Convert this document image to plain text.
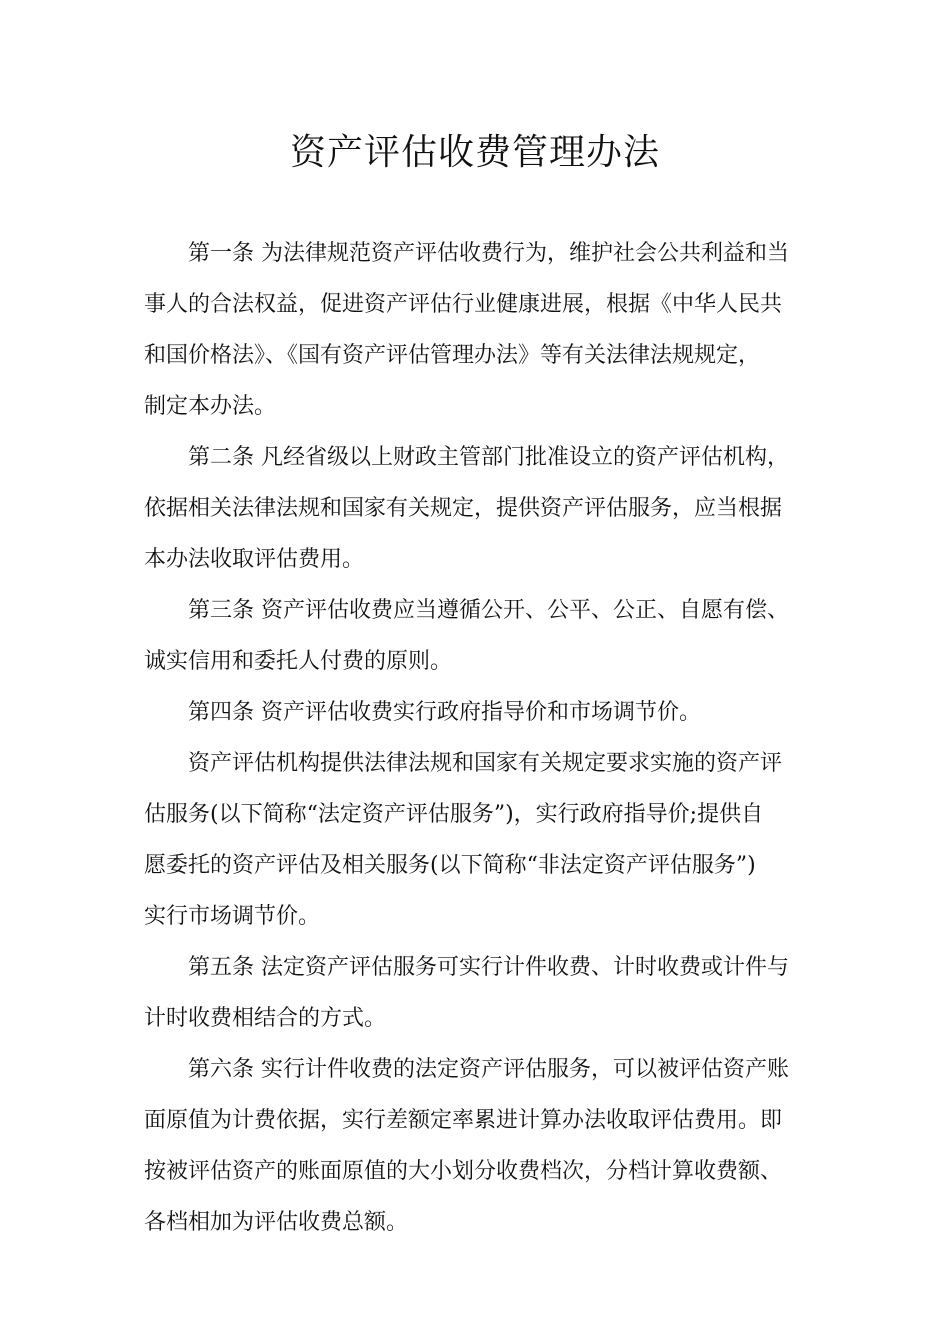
资产评估收费管理办法
第一条 为法律规范资产评估收费行为，维护社会公共利益和当
事人的合法权益，促进资产评估行业健康进展，根据《中华人民共
和国价格法》、《国有资产评估管理办法》等有关法律法规规定，
制定本办法。
第二条 凡经省级以上财政主管部门批准设立的资产评估机构，
依据相关法律法规和国家有关规定，提供资产评估服务，应当根据
本办法收取评估费用。
第三条 资产评估收费应当遵循公开、公平、公正、自愿有偿、
诚实信用和委托人付费的原则。
第四条 资产评估收费实行政府指导价和市场调节价。
资产评估机构提供法律法规和国家有关规定要求实施的资产评
估服务(以下简称“法定资产评估服务”)，实行政府指导价;提供自
愿委托的资产评估及相关服务(以下简称“非法定资产评估服务”)
实行市场调节价。
第五条 法定资产评估服务可实行计件收费、计时收费或计件与
计时收费相结合的方式。
第六条 实行计件收费的法定资产评估服务，可以被评估资产账
面原值为计费依据，实行差额定率累进计算办法收取评估费用。即
按被评估资产的账面原值的大小划分收费档次，分档计算收费额、
各档相加为评估收费总额。
